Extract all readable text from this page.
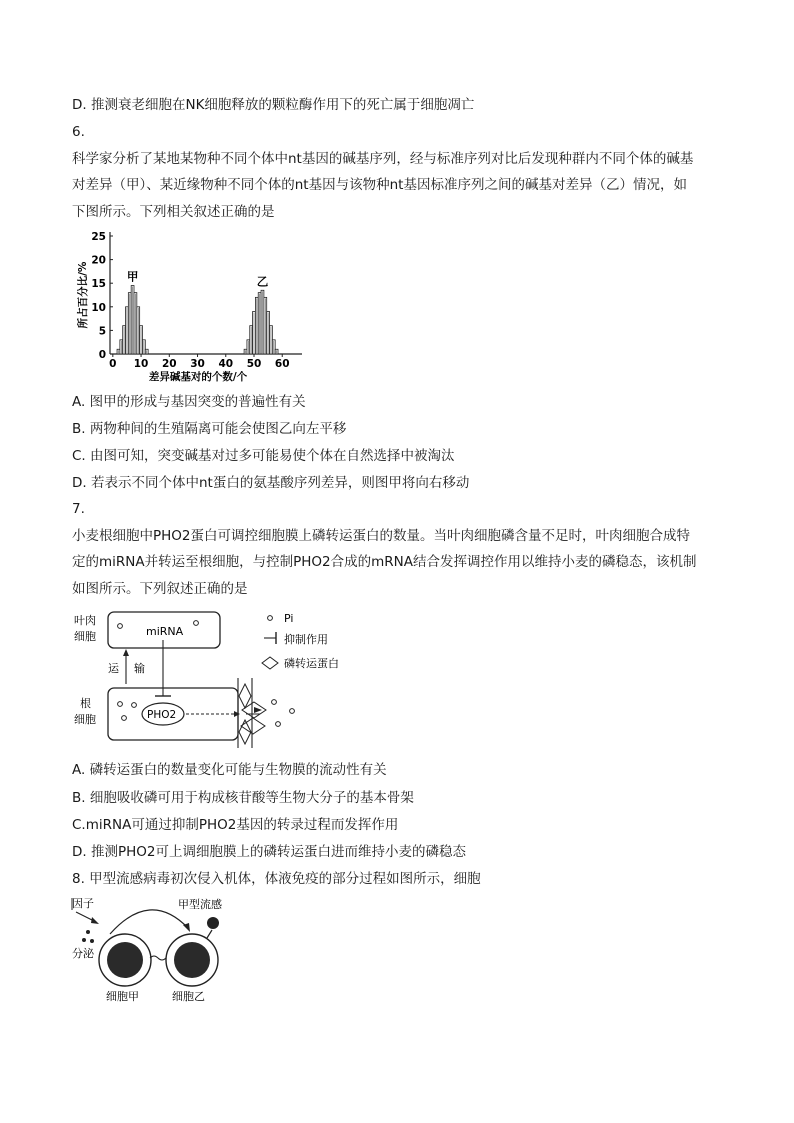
D. 推测衰老细胞在NK细胞释放的颗粒酶作用下的死亡属于细胞凋亡
6.
科学家分析了某地某物种不同个体中nt基因的碱基序列，经与标准序列对比后发现种群内不同个体的碱基
对差异（甲）、某近缘物种不同个体的nt基因与该物种nt基因标准序列之间的碱基对差异（乙）情况，如
下图所示。下列相关叙述正确的是
0
5
10
15
20
25
0 10 20 30 40 50 60
所占百分比/%
差异碱基对的个数/个
甲	乙
A. 图甲的形成与基因突变的普遍性有关
B. 两物种间的生殖隔离可能会使图乙向左平移
C. 由图可知，突变碱基对过多可能易使个体在自然选择中被淘汰
D. 若表示不同个体中nt蛋白的氨基酸序列差异，则图甲将向右移动
7.
小麦根细胞中PHO2蛋白可调控细胞膜上磷转运蛋白的数量。当叶肉细胞磷含量不足时，叶肉细胞合成特
定的miRNA并转运至根细胞，与控制PHO2合成的mRNA结合发挥调控作用以维持小麦的磷稳态，该机制
如图所示。下列叙述正确的是
叶肉
细胞	miRNA
运 输
根
细胞	PHO2
Pi
抑制作用
磷转运蛋白
A. 磷转运蛋白的数量变化可能与生物膜的流动性有关
B. 细胞吸收磷可用于构成核苷酸等生物大分子的基本骨架
C.miRNA可通过抑制PHO2基因的转录过程而发挥作用
D. 推测PHO2可上调细胞膜上的磷转运蛋白进而维持小麦的磷稳态
8. 甲型流感病毒初次侵入机体，体液免疫的部分过程如图所示，细胞
因子
分泌
甲型流感
细胞甲	细胞乙
